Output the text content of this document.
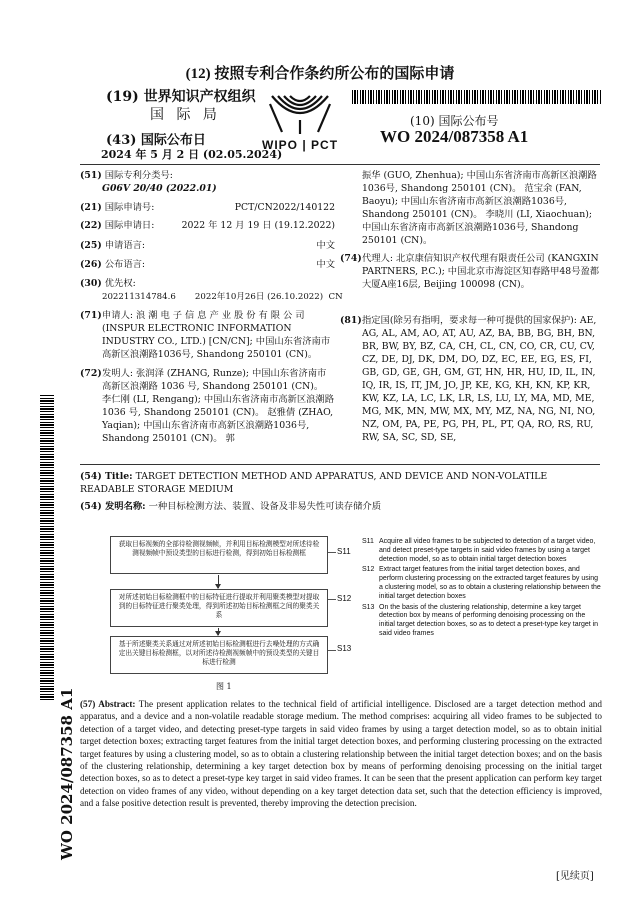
(12) 按照专利合作条约所公布的国际申请
(19) 世界知识产权组织
国 际 局
(43) 国际公布日
2024 年 5 月 2 日 (02.05.2024)
WIPO | PCT
(10) 国际公布号
WO 2024/087358 A1
WO 2024/087358 A1
(51) 国际专利分类号:
G06V 20/40 (2022.01)
(21) 国际申请号:	PCT/CN2022/140122
(22) 国际申请日:	2022 年 12 月 19 日 (19.12.2022)
(25) 申请语言:	中文
(26) 公布语言:	中文
(30) 优先权:
202211314784.6       2022年10月26日 (26.10.2022)  CN
(71) 申请人: 浪 潮 电 子 信 息 产 业 股 份 有 限 公 司 (INSPUR ELECTRONIC INFORMATION INDUSTRY CO., LTD.) [CN/CN]; 中国山东省济南市高新区浪潮路1036号, Shandong 250101 (CN)。
(72) 发明人: 张润泽 (ZHANG, Runze); 中国山东省济南市高新区浪潮路 1036 号, Shandong 250101 (CN)。 李仁刚 (LI, Rengang); 中国山东省济南市高新区浪潮路 1036 号, Shandong 250101 (CN)。 赵雅倩 (ZHAO, Yaqian); 中国山东省济南市高新区浪潮路1036号, Shandong 250101 (CN)。 郭
振华 (GUO, Zhenhua); 中国山东省济南市高新区浪潮路1036号, Shandong 250101 (CN)。 范宝余 (FAN, Baoyu); 中国山东省济南市高新区浪潮路1036号, Shandong 250101 (CN)。 李晓川 (LI, Xiaochuan); 中国山东省济南市高新区浪潮路1036号, Shandong 250101 (CN)。
(74) 代理人: 北京康信知识产权代理有限责任公司 (KANGXIN PARTNERS, P.C.); 中国北京市海淀区知春路甲48号盈都大厦A座16层, Beijing 100098 (CN)。
(81) 指定国(除另有指明，要求每一种可提供的国家保护): AE, AG, AL, AM, AO, AT, AU, AZ, BA, BB, BG, BH, BN, BR, BW, BY, BZ, CA, CH, CL, CN, CO, CR, CU, CV, CZ, DE, DJ, DK, DM, DO, DZ, EC, EE, EG, ES, FI, GB, GD, GE, GH, GM, GT, HN, HR, HU, ID, IL, IN, IQ, IR, IS, IT, JM, JO, JP, KE, KG, KH, KN, KP, KR, KW, KZ, LA, LC, LK, LR, LS, LU, LY, MA, MD, ME, MG, MK, MN, MW, MX, MY, MZ, NA, NG, NI, NO, NZ, OM, PA, PE, PG, PH, PL, PT, QA, RO, RS, RU, RW, SA, SC, SD, SE,
(54) Title: TARGET DETECTION METHOD AND APPARATUS, AND DEVICE AND NON-VOLATILE READABLE STORAGE MEDIUM
(54) 发明名称: 一种目标检测方法、装置、设备及非易失性可读存储介质
获取目标视频的全部待检测视频帧，并利用目标检测模型对所述待检测视频帧中预设类型的目标进行检测，得到初始目标检测框
对所述初始目标检测框中的目标特征进行提取并利用聚类模型对提取到的目标特征进行聚类处理，得到所述初始目标检测框之间的聚类关系
基于所述聚类关系通过对所述初始目标检测框进行去噪处理的方式确定出关键目标检测框，以对所述待检测视频帧中的预设类型的关键目标进行检测
S11
S12
S13
S11 Acquire all video frames to be subjected to detection of a target video, and detect preset-type targets in said video frames by using a target detection model, so as to obtain initial target detection boxes
S12 Extract target features from the initial target detection boxes, and perform clustering processing on the extracted target features by using a clustering model, so as to obtain a clustering relationship between the initial target detection boxes
S13 On the basis of the clustering relationship, determine a key target detection box by means of performing denoising processing on the initial target detection boxes, so as to detect a preset-type key target in said video frames
图 1
(57) Abstract: The present application relates to the technical field of artificial intelligence. Disclosed are a target detection method and apparatus, and a device and a non-volatile readable storage medium. The method comprises: acquiring all video frames to be subjected to detection of a target video, and detecting preset-type targets in said video frames by using a target detection model, so as to obtain initial target detection boxes; extracting target features from the initial target detection boxes, and performing clustering processing on the extracted target features by using a clustering model, so as to obtain a clustering relationship between the initial target detection boxes; and on the basis of the clustering relationship, determining a key target detection box by means of performing denoising processing on the initial target detection boxes, so as to detect a preset-type key target in said video frames. It can be seen that the present application can perform key target detection on video frames of any video, without depending on a key target detection data set, such that the detection efficiency is improved, and a false positive detection result is prevented, thereby improving the detection precision.
[见续页]
